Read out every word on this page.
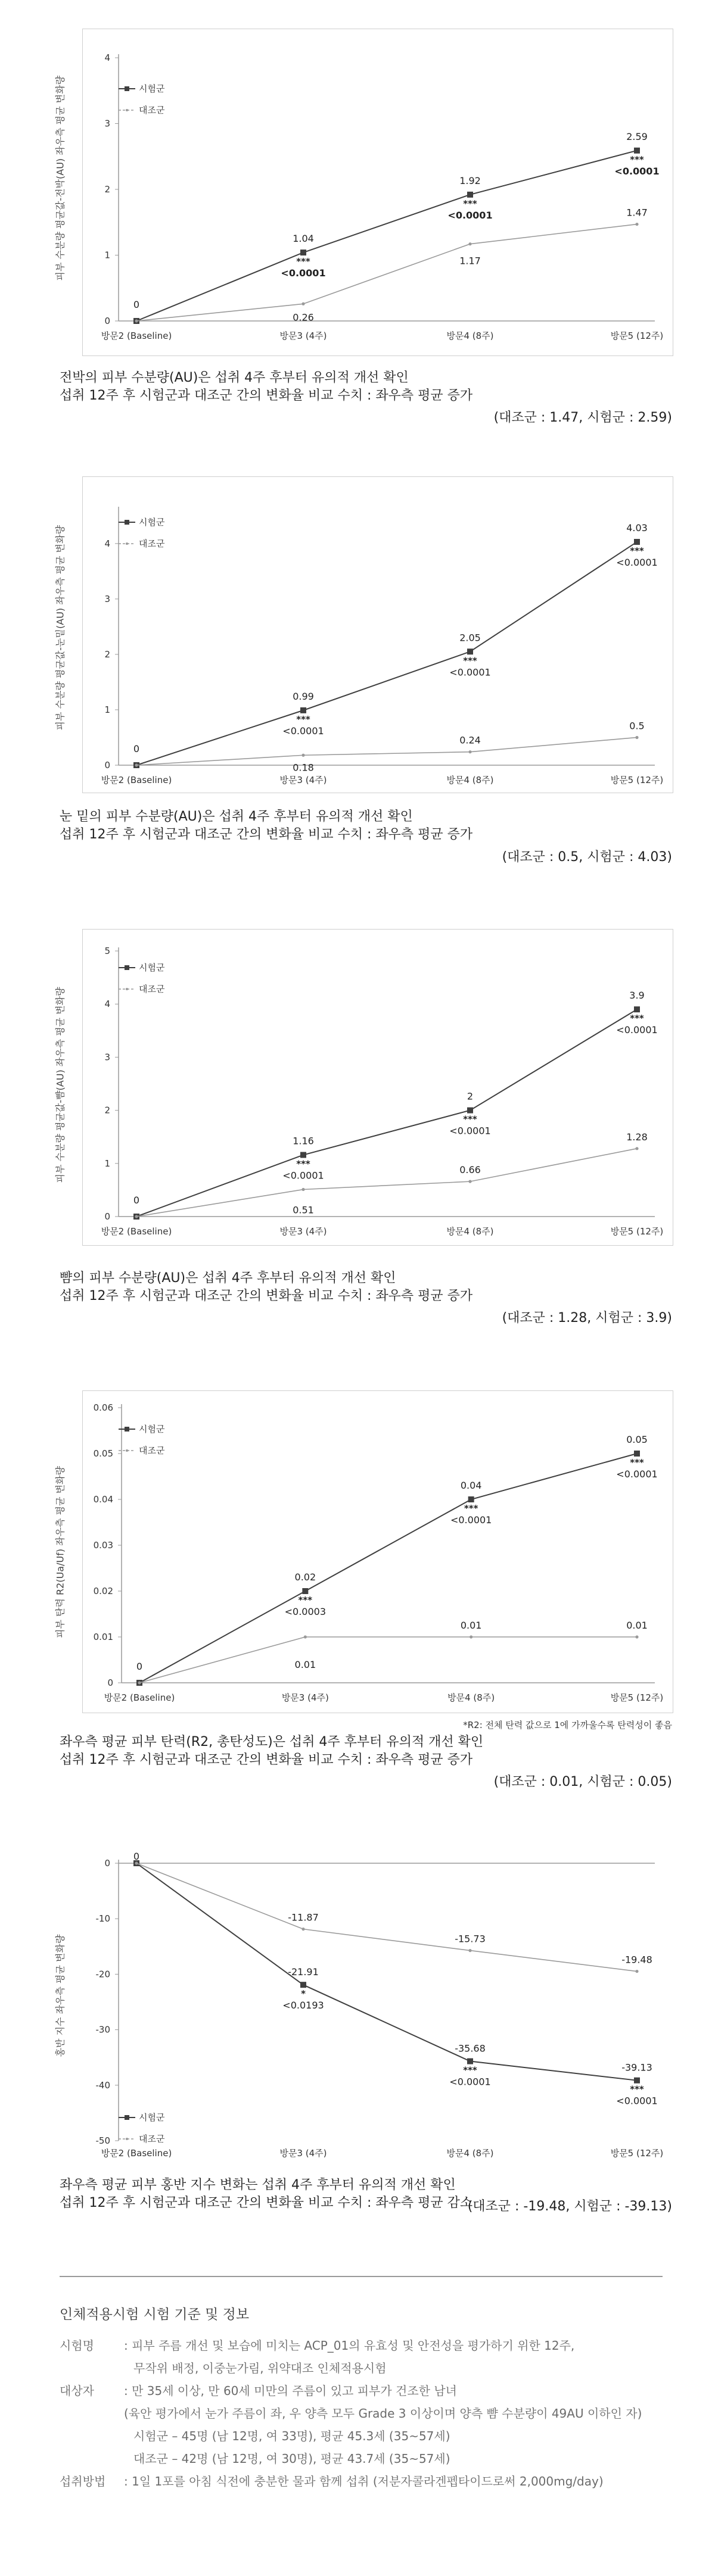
0
1
2
3
4
방문2 (Baseline)	방문3 (4주)	방문4 (8주)	방문5 (12주)
0
1.04
1.92
2.59
0.26
1.17
1.47
***
<0.0001
***
<0.0001
***
<0.0001
시험군
대조군
피부 수분량 평균값-전박(AU) 좌우측 평균 변화량
전박의 피부 수분량(AU)은 섭취 4주 후부터 유의적 개선 확인
섭취 12주 후 시험군과 대조군 간의 변화율 비교 수치 : 좌우측 평균 증가
(대조군 : 1.47, 시험군 : 2.59)
0
1
2
3
4
방문2 (Baseline)	방문3 (4주)	방문4 (8주)	방문5 (12주)
0
0.99
2.05
4.03
0.18
0.24
0.5
***
<0.0001
***
<0.0001
***
<0.0001
시험군
대조군
피부 수분량 평균값-눈밑(AU) 좌우측 평균 변화량
눈 밑의 피부 수분량(AU)은 섭취 4주 후부터 유의적 개선 확인
섭취 12주 후 시험군과 대조군 간의 변화율 비교 수치 : 좌우측 평균 증가
(대조군 : 0.5, 시험군 : 4.03)
0
1
2
3
4
5
방문2 (Baseline)	방문3 (4주)	방문4 (8주)	방문5 (12주)
0
1.16
2
3.9
0.51
0.66
1.28
***
<0.0001
***
<0.0001
***
<0.0001
시험군
대조군
피부 수분량 평균값-뺨(AU) 좌우측 평균 변화량
뺨의 피부 수분량(AU)은 섭취 4주 후부터 유의적 개선 확인
섭취 12주 후 시험군과 대조군 간의 변화율 비교 수치 : 좌우측 평균 증가
(대조군 : 1.28, 시험군 : 3.9)
0
0.01
0.02
0.03
0.04
0.05
0.06
방문2 (Baseline)	방문3 (4주)	방문4 (8주)	방문5 (12주)
0
0.02
0.04
0.05
0.01
0.01	0.01
***
<0.0003
***
<0.0001
***
<0.0001
시험군
대조군
피부 탄력 R2(Ua/Uf) 좌우측 평균 변화량
*R2: 전체 탄력 값으로 1에 가까울수록 탄력성이 좋음
좌우측 평균 피부 탄력(R2, 총탄성도)은 섭취 4주 후부터 유의적 개선 확인
섭취 12주 후 시험군과 대조군 간의 변화율 비교 수치 : 좌우측 평균 증가
(대조군 : 0.01, 시험군 : 0.05)
0
-10
-20
-30
-40
-50
방문2 (Baseline)	방문3 (4주)	방문4 (8주)	방문5 (12주)
0
-21.91
-35.68
-39.13
-11.87
-15.73
-19.48
*
<0.0193
***
<0.0001
***
<0.0001
시험군
대조군
홍반 지수 좌우측 평균 변화량
좌우측 평균 피부 홍반 지수 변화는 섭취 4주 후부터 유의적 개선 확인
섭취 12주 후 시험군과 대조군 간의 변화율 비교 수치 : 좌우측 평균 감소
(대조군 : -19.48, 시험군 : -39.13)
인체적용시험 시험 기준 및 정보
시험명	: 피부 주름 개선 및 보습에 미치는 ACP_01의 유효성 및 안전성을 평가하기 위한 12주,
무작위 배정, 이중눈가림, 위약대조 인체적용시험
대상자	: 만 35세 이상, 만 60세 미만의 주름이 있고 피부가 건조한 남녀
(육안 평가에서 눈가 주름이 좌, 우 양측 모두 Grade 3 이상이며 양측 뺨 수분량이 49AU 이하인 자)
시험군 – 45명 (남 12명, 여 33명), 평균 45.3세 (35~57세)
대조군 – 42명 (남 12명, 여 30명), 평균 43.7세 (35~57세)
섭취방법	: 1일 1포를 아침 식전에 충분한 물과 함께 섭취 (저분자콜라겐펩타이드로써 2,000mg/day)
